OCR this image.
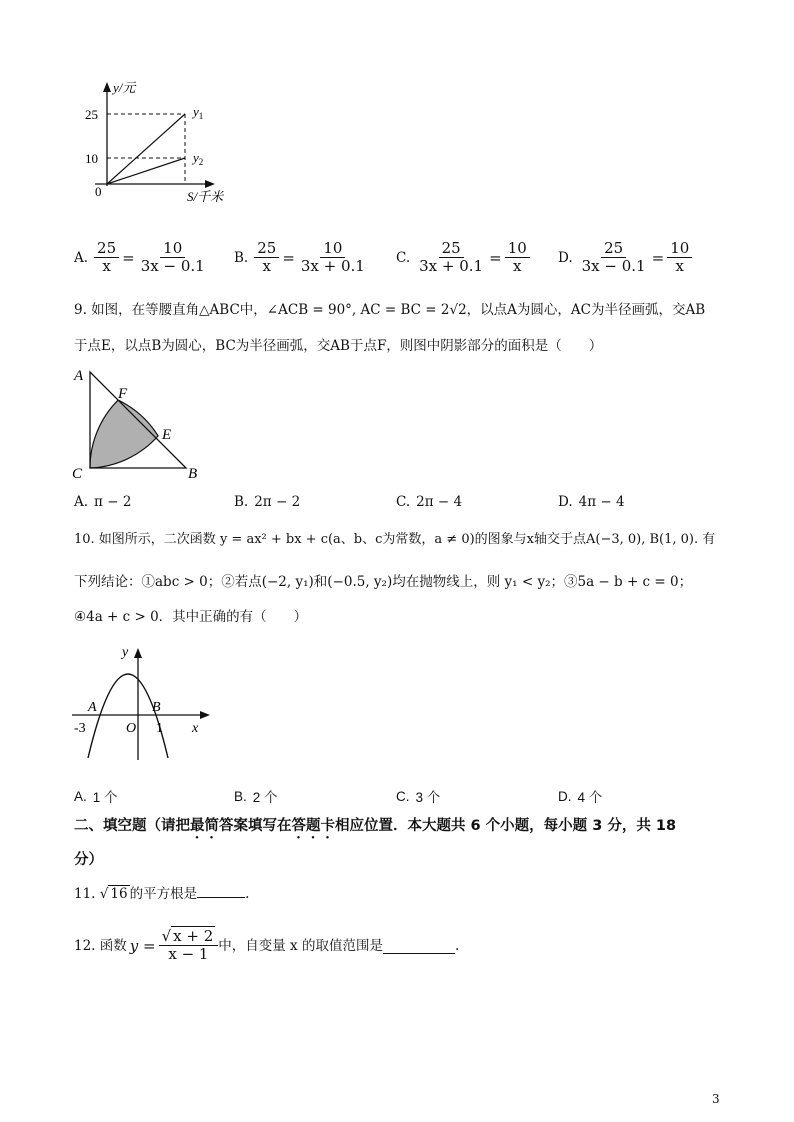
y/元
25
10
0	S/千米
$y_1$
$y_2$
A. $\frac{25}{x} = \frac{10}{3x - 0.1} B$. $\frac{25}{x} = \frac{10}{3x + 0.1} C$. $\frac{25}{3x + 0.1} = \frac{10}{x} D$. $\frac{25}{3x - 0.1} = \frac{10}{x}$
9. 如图，在等腰直角△ABC中，∠ACB = 90°, AC = BC = 2√2，以点A为圆心，AC为半径画弧，交AB
于点E，以点B为圆心，BC为半径画弧，交AB于点F，则图中阴影部分的面积是（　　）
A
B
C
E
F
A. π − 2	B. 2π − 2	C. 2π − 4	D. 4π − 4
10. 如图所示，二次函数 y = ax² + bx + c(a、b、c为常数，a ≠ 0)的图象与x轴交于点A(−3, 0), B(1, 0). 有
下列结论：①abc > 0；②若点(−2, y₁)和(−0.5, y₂)均在抛物线上，则 y₁ < y₂；③5a − b + c = 0；
④4a + c > 0．其中正确的有（　　）
y
x
A	B
O
-3	1
A. 1 个	B. 2 个	C. 3 个	D. 4 个
二、填空题（请把最简答案填写在答题卡相应位置．本大题共 6 个小题，每小题 3 分，共 18
分）
11. √ 16 的平方根是	.
12. 函数 $y = \frac{√ x + 2}{x - 1}$ 中，自变量 x 的取值范围是	.
3
